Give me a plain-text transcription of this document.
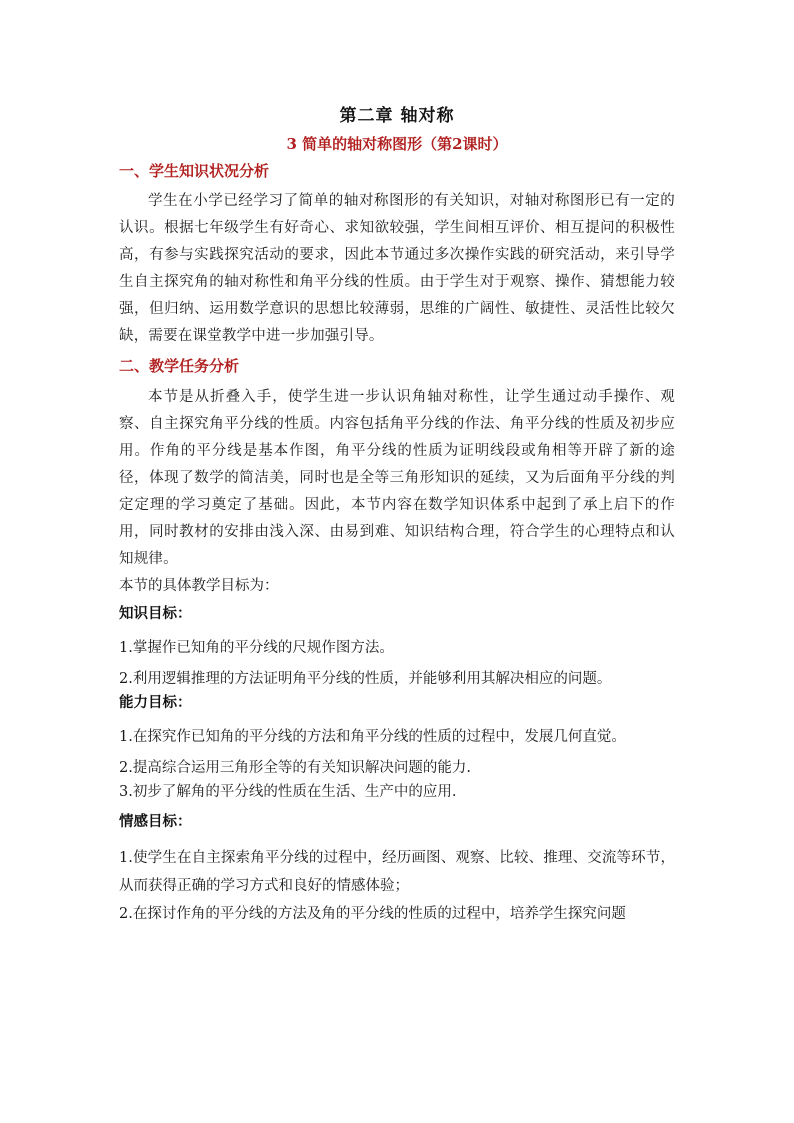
第二章 轴对称

3 简单的轴对称图形（第2课时）

一、学生知识状况分析

学生在小学已经学习了简单的轴对称图形的有关知识，对轴对称图形已有一定的认识。根据七年级学生有好奇心、求知欲较强，学生间相互评价、相互提问的积极性高，有参与实践探究活动的要求，因此本节通过多次操作实践的研究活动，来引导学生自主探究角的轴对称性和角平分线的性质。由于学生对于观察、操作、猜想能力较强，但归纳、运用数学意识的思想比较薄弱，思维的广阔性、敏捷性、灵活性比较欠缺，需要在课堂教学中进一步加强引导。

二、教学任务分析

本节是从折叠入手，使学生进一步认识角轴对称性，让学生通过动手操作、观察、自主探究角平分线的性质。内容包括角平分线的作法、角平分线的性质及初步应用。作角的平分线是基本作图，角平分线的性质为证明线段或角相等开辟了新的途径，体现了数学的简洁美，同时也是全等三角形知识的延续，又为后面角平分线的判定定理的学习奠定了基础。因此，本节内容在数学知识体系中起到了承上启下的作用，同时教材的安排由浅入深、由易到难、知识结构合理，符合学生的心理特点和认知规律。

本节的具体教学目标为：

知识目标：

1.掌握作已知角的平分线的尺规作图方法。

2.利用逻辑推理的方法证明角平分线的性质，并能够利用其解决相应的问题。

能力目标：

1.在探究作已知角的平分线的方法和角平分线的性质的过程中，发展几何直觉。

2.提高综合运用三角形全等的有关知识解决问题的能力.

3.初步了解角的平分线的性质在生活、生产中的应用.

情感目标：

1.使学生在自主探索角平分线的过程中，经历画图、观察、比较、推理、交流等环节，从而获得正确的学习方式和良好的情感体验；

2.在探讨作角的平分线的方法及角的平分线的性质的过程中，培养学生探究问题
